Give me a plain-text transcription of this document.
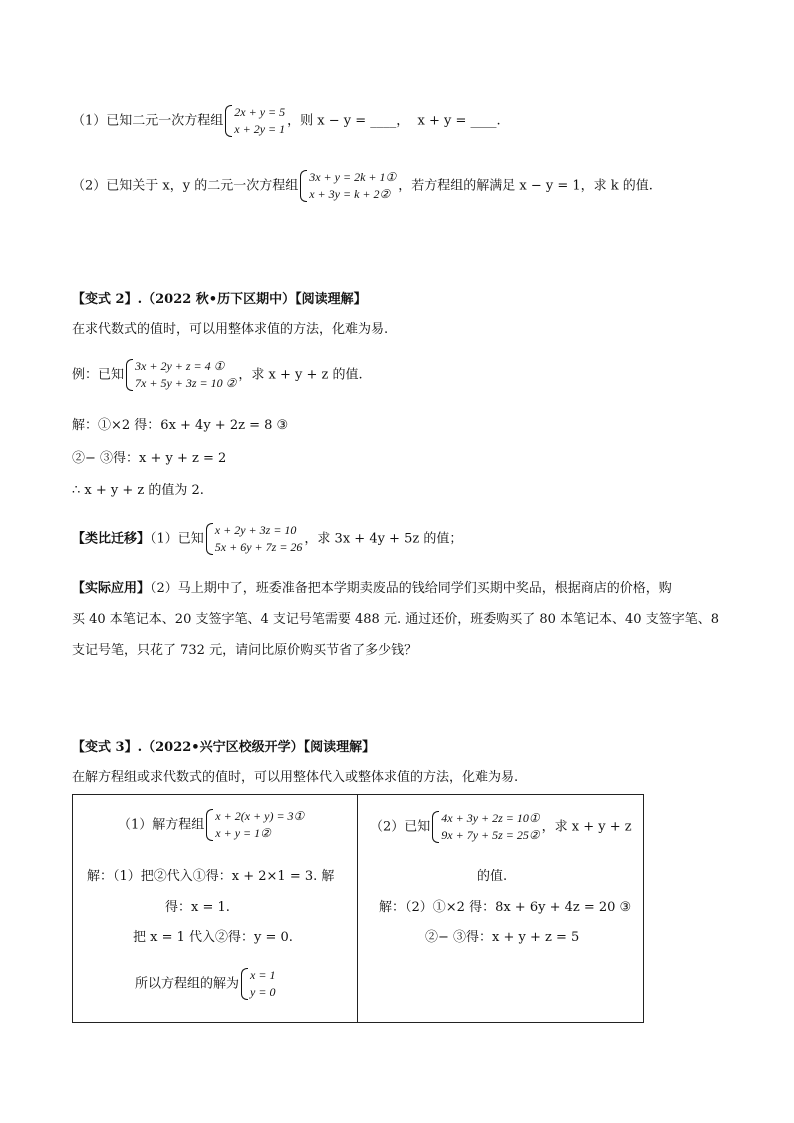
（1）已知二元一次方程组
2x + y = 5
x + 2y = 1
，则 x − y = ____， x + y = ____.
（2）已知关于 x，y 的二元一次方程组
3x + y = 2k + 1①
x + 3y = k + 2②
，若方程组的解满足 x − y = 1，求 k 的值.
【变式 2】.（2022 秋•历下区期中）【阅读理解】
在求代数式的值时，可以用整体求值的方法，化难为易.
例：已知
3x + 2y + z = 4 ①
7x + 5y + 3z = 10 ②
，求 x + y + z 的值.
解：①×2 得：6x + 4y + 2z = 8 ③
②− ③得：x + y + z = 2
∴ x + y + z 的值为 2.
【类比迁移】（1）已知
x + 2y + 3z = 10
5x + 6y + 7z = 26
，求 3x + 4y + 5z 的值；
【实际应用】（2）马上期中了，班委准备把本学期卖废品的钱给同学们买期中奖品，根据商店的价格，购
买 40 本笔记本、20 支签字笔、4 支记号笔需要 488 元. 通过还价，班委购买了 80 本笔记本、40 支签字笔、8
支记号笔，只花了 732 元，请问比原价购买节省了多少钱？
【变式 3】.（2022•兴宁区校级开学）【阅读理解】
在解方程组或求代数式的值时，可以用整体代入或整体求值的方法，化难为易.
（1）解方程组
x + 2(x + y) = 3①
x + y = 1②
解：（1）把②代入①得：x + 2×1 = 3. 解
得：x = 1.
把 x = 1 代入②得：y = 0.
所以方程组的解为
x = 1
y = 0
（2）已知
4x + 3y + 2z = 10①
9x + 7y + 5z = 25②
，求 x + y + z
的值.
解：（2）①×2 得：8x + 6y + 4z = 20 ③
②− ③得：x + y + z = 5
